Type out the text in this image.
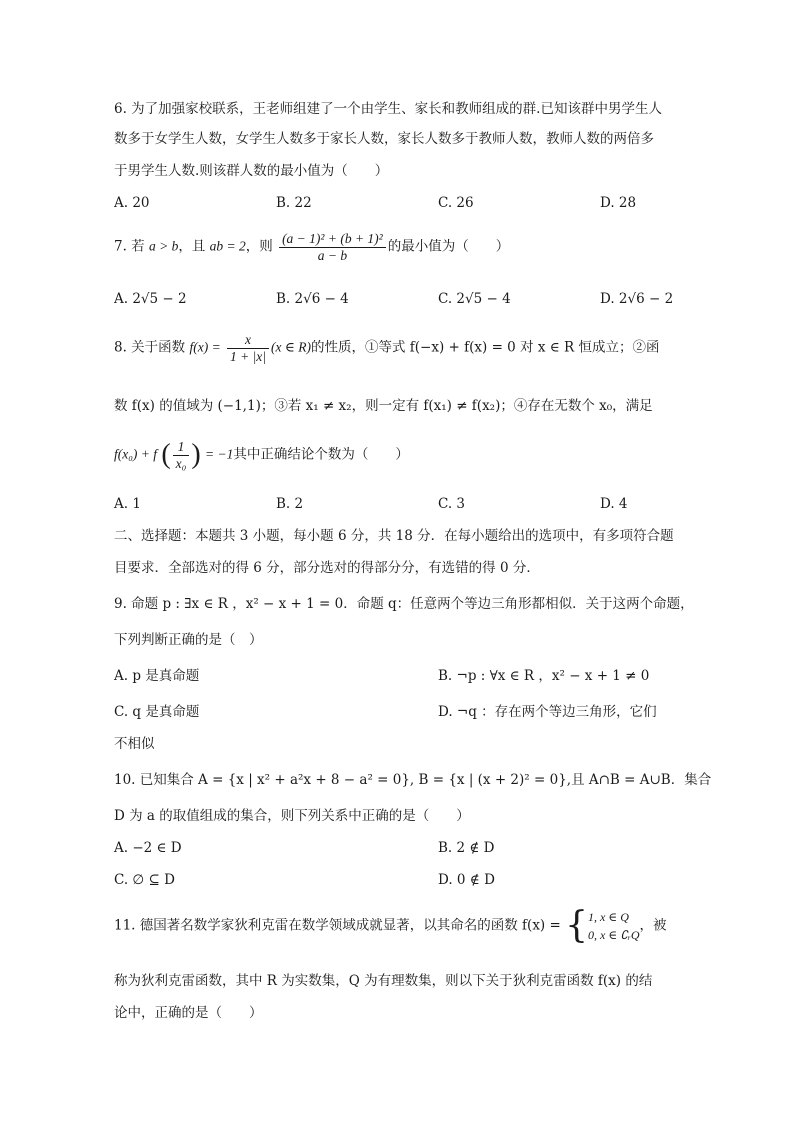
6. 为了加强家校联系，王老师组建了一个由学生、家长和教师组成的群.已知该群中男学生人
数多于女学生人数，女学生人数多于家长人数，家长人数多于教师人数，教师人数的两倍多
于男学生人数.则该群人数的最小值为（　　）
A. 20	B. 22	C. 26	D. 28
7. 若 a > b，且 ab = 2，则 $\frac{\text{(a − 1)² + (b + 1)²}}{a - b}$ 的最小值为（　　）
A. 2√5 − 2	B. 2√6 − 4	C. 2√5 − 4	D. 2√6 − 2
8. 关于函数 $f(x) = \frac{x}{1 + |x|} (x$ ∈ R)的性质，①等式 f(−x) + f(x) = 0 对 x ∈ R 恒成立；②函
数 f(x) 的值域为 (−1,1)；③若 x₁ ≠ x₂，则一定有 f(x₁) ≠ f(x₂)；④存在无数个 x₀，满足
f(x₀) + f ( $\frac{1}{\text{x₀}}$ ) = −1其中正确结论个数为（　　）
A. 1	B. 2	C. 3	D. 4
二、选择题：本题共 3 小题，每小题 6 分，共 18 分．在每小题给出的选项中，有多项符合题
目要求．全部选对的得 6 分，部分选对的得部分分，有选错的得 0 分．
9. 命题 p : ∃x ∈ R ，x² − x + 1 = 0．命题 q：任意两个等边三角形都相似．关于这两个命题，
下列判断正确的是（　）
A. p 是真命题	B. ¬p : ∀x ∈ R ，x² − x + 1 ≠ 0
C. q 是真命题	D. ¬q ：存在两个等边三角形，它们
不相似
10. 已知集合 A = {x | x² + a²x + 8 − a² = 0}, B = {x | (x + 2)² = 0},且 A∩B = A∪B．集合
D 为 a 的取值组成的集合，则下列关系中正确的是（　　）
A. −2 ∈ D	B. 2 ∉ D
C. ∅ ⊆ D	D. 0 ∉ D
11. 德国著名数学家狄利克雷在数学领域成就显著，以其命名的函数 f(x) = { 1, x ∈ Q
0, x ∈ ∁ᵣQ
，被
称为狄利克雷函数，其中 R 为实数集，Q 为有理数集，则以下关于狄利克雷函数 f(x) 的结
论中，正确的是（　　）
